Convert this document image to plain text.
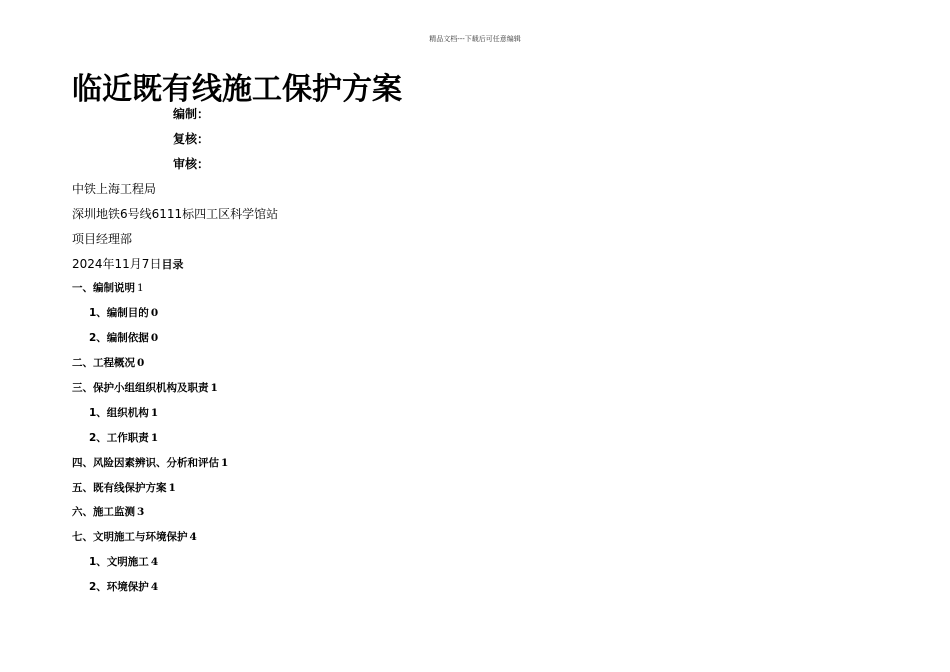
精品文档---下载后可任意编辑
临近既有线施工保护方案
编制：
复核：
审核：
中铁上海工程局
深圳地铁6号线6111标四工区科学馆站
项目经理部
2024年11月7日目录
一、编制说明 1
1、编制目的 0
2、编制依据 0
二、工程概况 0
三、保护小组组织机构及职责 1
1、组织机构 1
2、工作职责 1
四、风险因素辨识、分析和评估 1
五、既有线保护方案 1
六、施工监测 3
七、文明施工与环境保护 4
1、文明施工 4
2、环境保护 4
